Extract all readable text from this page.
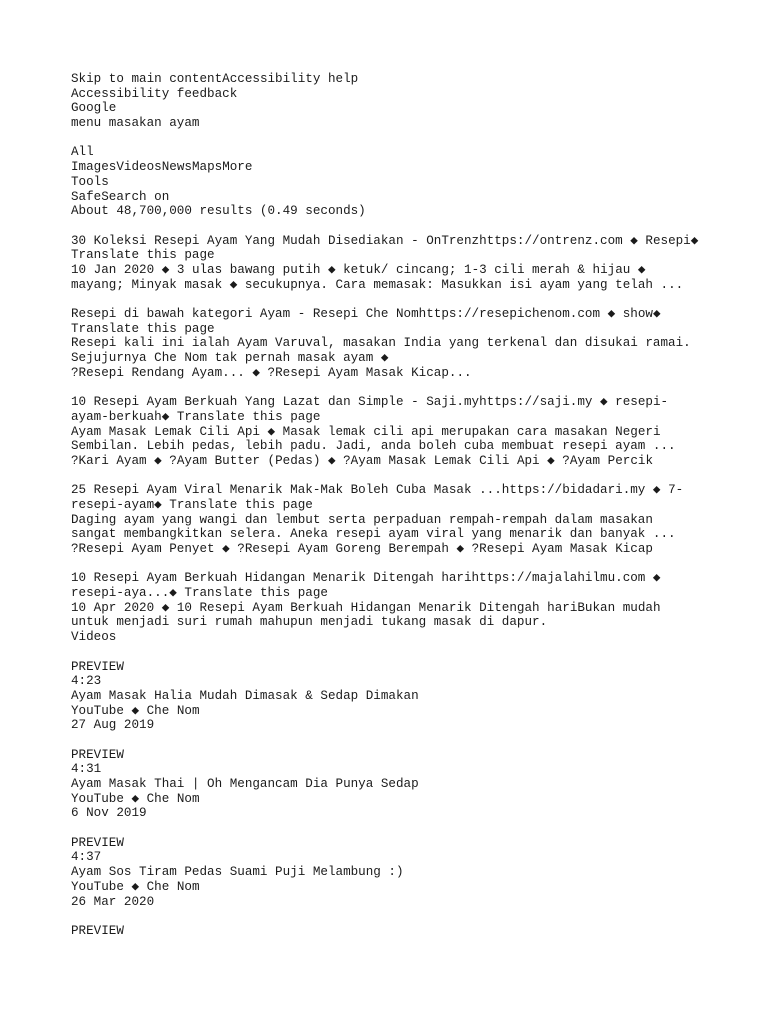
Skip to main contentAccessibility help
Accessibility feedback
Google
menu masakan ayam
All
ImagesVideosNewsMapsMore
Tools
SafeSearch on
About 48,700,000 results (0.49 seconds)
30 Koleksi Resepi Ayam Yang Mudah Disediakan - OnTrenzhttps://ontrenz.com ◆ Resepi◆
Translate this page
10 Jan 2020 ◆ 3 ulas bawang putih ◆ ketuk/ cincang; 1-3 cili merah & hijau ◆
mayang; Minyak masak ◆ secukupnya. Cara memasak: Masukkan isi ayam yang telah ...
Resepi di bawah kategori Ayam - Resepi Che Nomhttps://resepichenom.com ◆ show◆
Translate this page
Resepi kali ini ialah Ayam Varuval, masakan India yang terkenal dan disukai ramai.
Sejujurnya Che Nom tak pernah masak ayam ◆
?Resepi Rendang Ayam... ◆ ?Resepi Ayam Masak Kicap...
10 Resepi Ayam Berkuah Yang Lazat dan Simple - Saji.myhttps://saji.my ◆ resepi-
ayam-berkuah◆ Translate this page
Ayam Masak Lemak Cili Api ◆ Masak lemak cili api merupakan cara masakan Negeri
Sembilan. Lebih pedas, lebih padu. Jadi, anda boleh cuba membuat resepi ayam ...
?Kari Ayam ◆ ?Ayam Butter (Pedas) ◆ ?Ayam Masak Lemak Cili Api ◆ ?Ayam Percik
25 Resepi Ayam Viral Menarik Mak-Mak Boleh Cuba Masak ...https://bidadari.my ◆ 7-
resepi-ayam◆ Translate this page
Daging ayam yang wangi dan lembut serta perpaduan rempah-rempah dalam masakan
sangat membangkitkan selera. Aneka resepi ayam viral yang menarik dan banyak ...
?Resepi Ayam Penyet ◆ ?Resepi Ayam Goreng Berempah ◆ ?Resepi Ayam Masak Kicap
10 Resepi Ayam Berkuah Hidangan Menarik Ditengah harihttps://majalahilmu.com ◆
resepi-aya...◆ Translate this page
10 Apr 2020 ◆ 10 Resepi Ayam Berkuah Hidangan Menarik Ditengah hariBukan mudah
untuk menjadi suri rumah mahupun menjadi tukang masak di dapur.
Videos
PREVIEW
4:23
Ayam Masak Halia Mudah Dimasak & Sedap Dimakan
YouTube ◆ Che Nom
27 Aug 2019
PREVIEW
4:31
Ayam Masak Thai | Oh Mengancam Dia Punya Sedap
YouTube ◆ Che Nom
6 Nov 2019
PREVIEW
4:37
Ayam Sos Tiram Pedas Suami Puji Melambung :)
YouTube ◆ Che Nom
26 Mar 2020
PREVIEW
